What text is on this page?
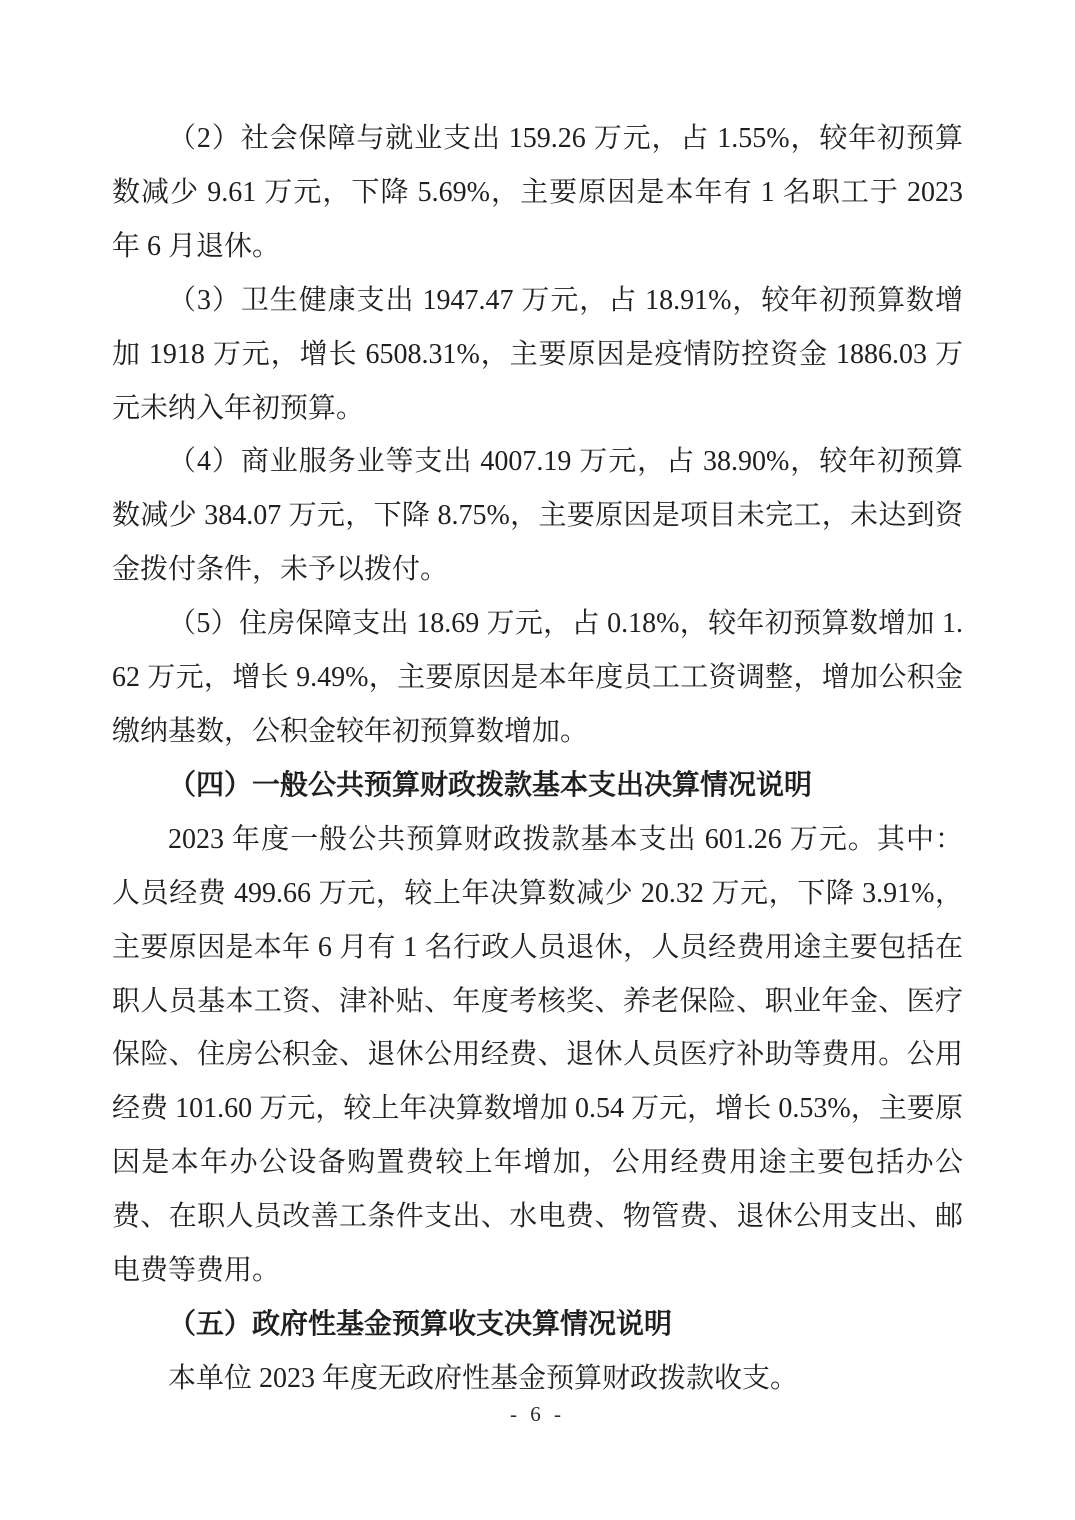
（2）社会保障与就业支出 159.26 万元，占 1.55%，较年初预算数减少 9.61 万元，下降 5.69%，主要原因是本年有 1 名职工于 2023 年 6 月退休。

（3）卫生健康支出 1947.47 万元，占 18.91%，较年初预算数增加 1918 万元，增长 6508.31%，主要原因是疫情防控资金 1886.03 万元未纳入年初预算。

（4）商业服务业等支出 4007.19 万元，占 38.90%，较年初预算数减少 384.07 万元，下降 8.75%，主要原因是项目未完工，未达到资金拨付条件，未予以拨付。

（5）住房保障支出 18.69 万元，占 0.18%，较年初预算数增加 1.62 万元，增长 9.49%，主要原因是本年度员工工资调整，增加公积金缴纳基数，公积金较年初预算数增加。

（四）一般公共预算财政拨款基本支出决算情况说明

2023 年度一般公共预算财政拨款基本支出 601.26 万元。其中：人员经费 499.66 万元，较上年决算数减少 20.32 万元，下降 3.91%，主要原因是本年 6 月有 1 名行政人员退休，人员经费用途主要包括在职人员基本工资、津补贴、年度考核奖、养老保险、职业年金、医疗保险、住房公积金、退休公用经费、退休人员医疗补助等费用。公用经费 101.60 万元，较上年决算数增加 0.54 万元，增长 0.53%，主要原因是本年办公设备购置费较上年增加，公用经费用途主要包括办公费、在职人员改善工条件支出、水电费、物管费、退休公用支出、邮电费等费用。

（五）政府性基金预算收支决算情况说明

本单位 2023 年度无政府性基金预算财政拨款收支。

- 6 -
